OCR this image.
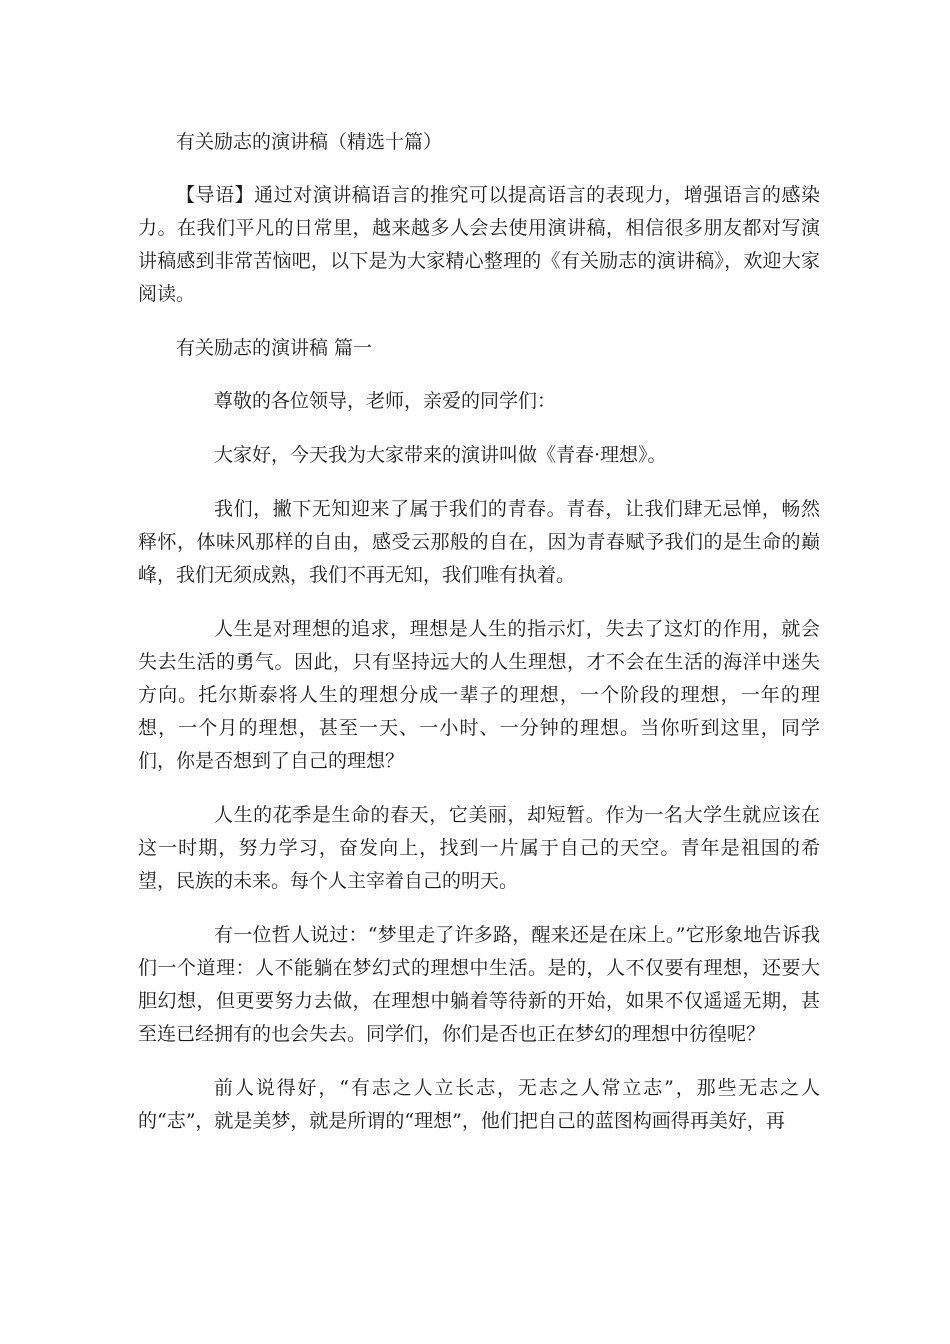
有关励志的演讲稿（精选十篇）

【导语】通过对演讲稿语言的推究可以提高语言的表现力，增强语言的感染力。在我们平凡的日常里，越来越多人会去使用演讲稿，相信很多朋友都对写演讲稿感到非常苦恼吧，以下是为大家精心整理的《有关励志的演讲稿》，欢迎大家阅读。

有关励志的演讲稿 篇一

尊敬的各位领导，老师，亲爱的同学们：

大家好，今天我为大家带来的演讲叫做《青春·理想》。

我们，撇下无知迎来了属于我们的青春。青春，让我们肆无忌惮，畅然释怀，体味风那样的自由，感受云那般的自在，因为青春赋予我们的是生命的巅峰，我们无须成熟，我们不再无知，我们唯有执着。

人生是对理想的追求，理想是人生的指示灯，失去了这灯的作用，就会失去生活的勇气。因此，只有坚持远大的人生理想，才不会在生活的海洋中迷失方向。托尔斯泰将人生的理想分成一辈子的理想，一个阶段的理想，一年的理想，一个月的理想，甚至一天、一小时、一分钟的理想。当你听到这里，同学们，你是否想到了自己的理想？

人生的花季是生命的春天，它美丽，却短暂。作为一名大学生就应该在这一时期，努力学习，奋发向上，找到一片属于自己的天空。青年是祖国的希望，民族的未来。每个人主宰着自己的明天。

有一位哲人说过：“梦里走了许多路，醒来还是在床上。”它形象地告诉我们一个道理：人不能躺在梦幻式的理想中生活。是的，人不仅要有理想，还要大胆幻想，但更要努力去做，在理想中躺着等待新的开始，如果不仅遥遥无期，甚至连已经拥有的也会失去。同学们，你们是否也正在梦幻的理想中彷徨呢？

前人说得好，“有志之人立长志，无志之人常立志”，那些无志之人的“志”，就是美梦，就是所谓的“理想”，他们把自己的蓝图构画得再美好，再
